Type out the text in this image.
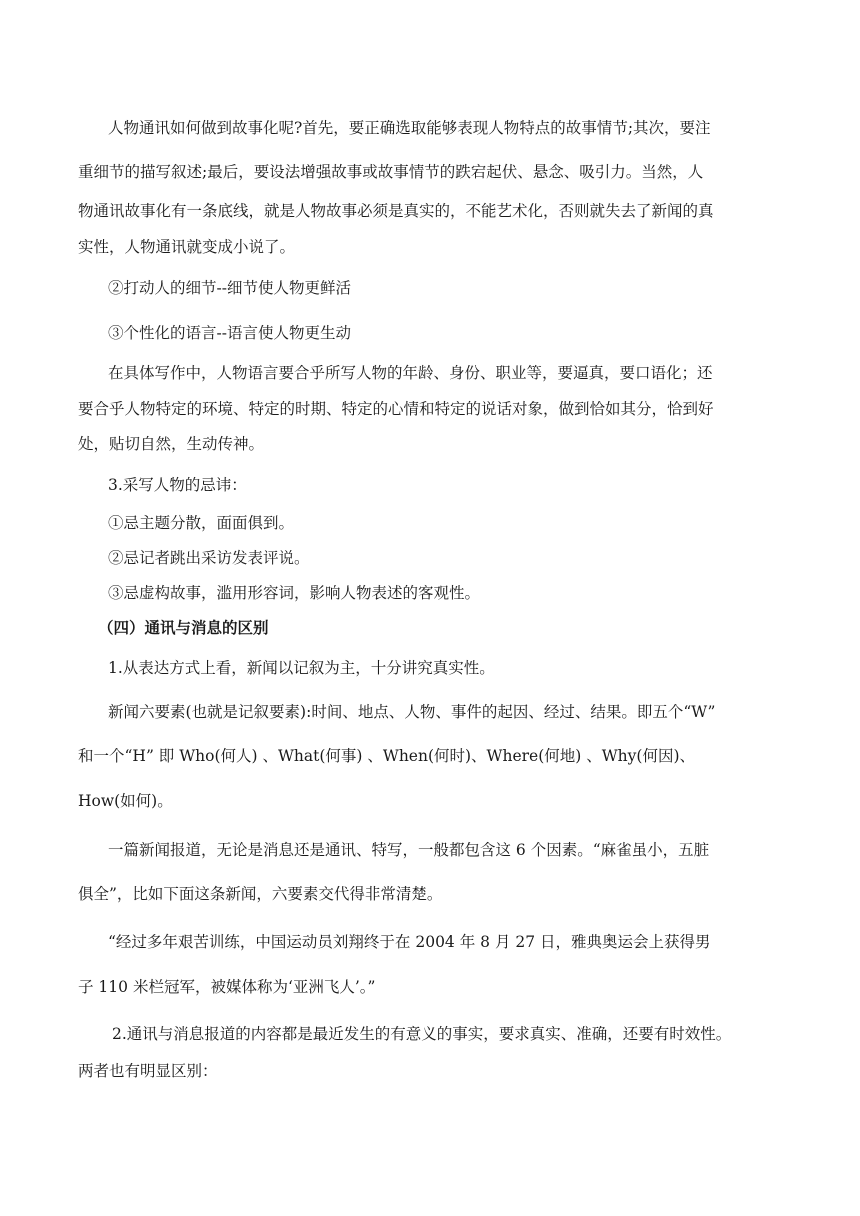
人物通讯如何做到故事化呢?首先，要正确选取能够表现人物特点的故事情节;其次，要注
重细节的描写叙述;最后，要设法增强故事或故事情节的跌宕起伏、悬念、吸引力。当然，人
物通讯故事化有一条底线，就是人物故事必须是真实的，不能艺术化，否则就失去了新闻的真
实性，人物通讯就变成小说了。
②打动人的细节--细节使人物更鲜活
③个性化的语言--语言使人物更生动
在具体写作中，人物语言要合乎所写人物的年龄、身份、职业等，要逼真，要口语化；还
要合乎人物特定的环境、特定的时期、特定的心情和特定的说话对象，做到恰如其分，恰到好
处，贴切自然，生动传神。
3.采写人物的忌讳：
①忌主题分散，面面俱到。
②忌记者跳出采访发表评说。
③忌虚构故事，滥用形容词，影响人物表述的客观性。
（四）通讯与消息的区别
1.从表达方式上看，新闻以记叙为主，十分讲究真实性。
新闻六要素(也就是记叙要素):时间、地点、人物、事件的起因、经过、结果。即五个“W”
和一个“H” 即 Who(何人) 、What(何事) 、When(何时)、Where(何地) 、Why(何因)、
How(如何)。
一篇新闻报道，无论是消息还是通讯、特写，一般都包含这 6 个因素。“麻雀虽小，五脏
俱全”，比如下面这条新闻，六要素交代得非常清楚。
“经过多年艰苦训练，中国运动员刘翔终于在 2004 年 8 月 27 日，雅典奥运会上获得男
子 110 米栏冠军，被媒体称为‘亚洲飞人’。”
2.通讯与消息报道的内容都是最近发生的有意义的事实，要求真实、准确，还要有时效性。
两者也有明显区别：
